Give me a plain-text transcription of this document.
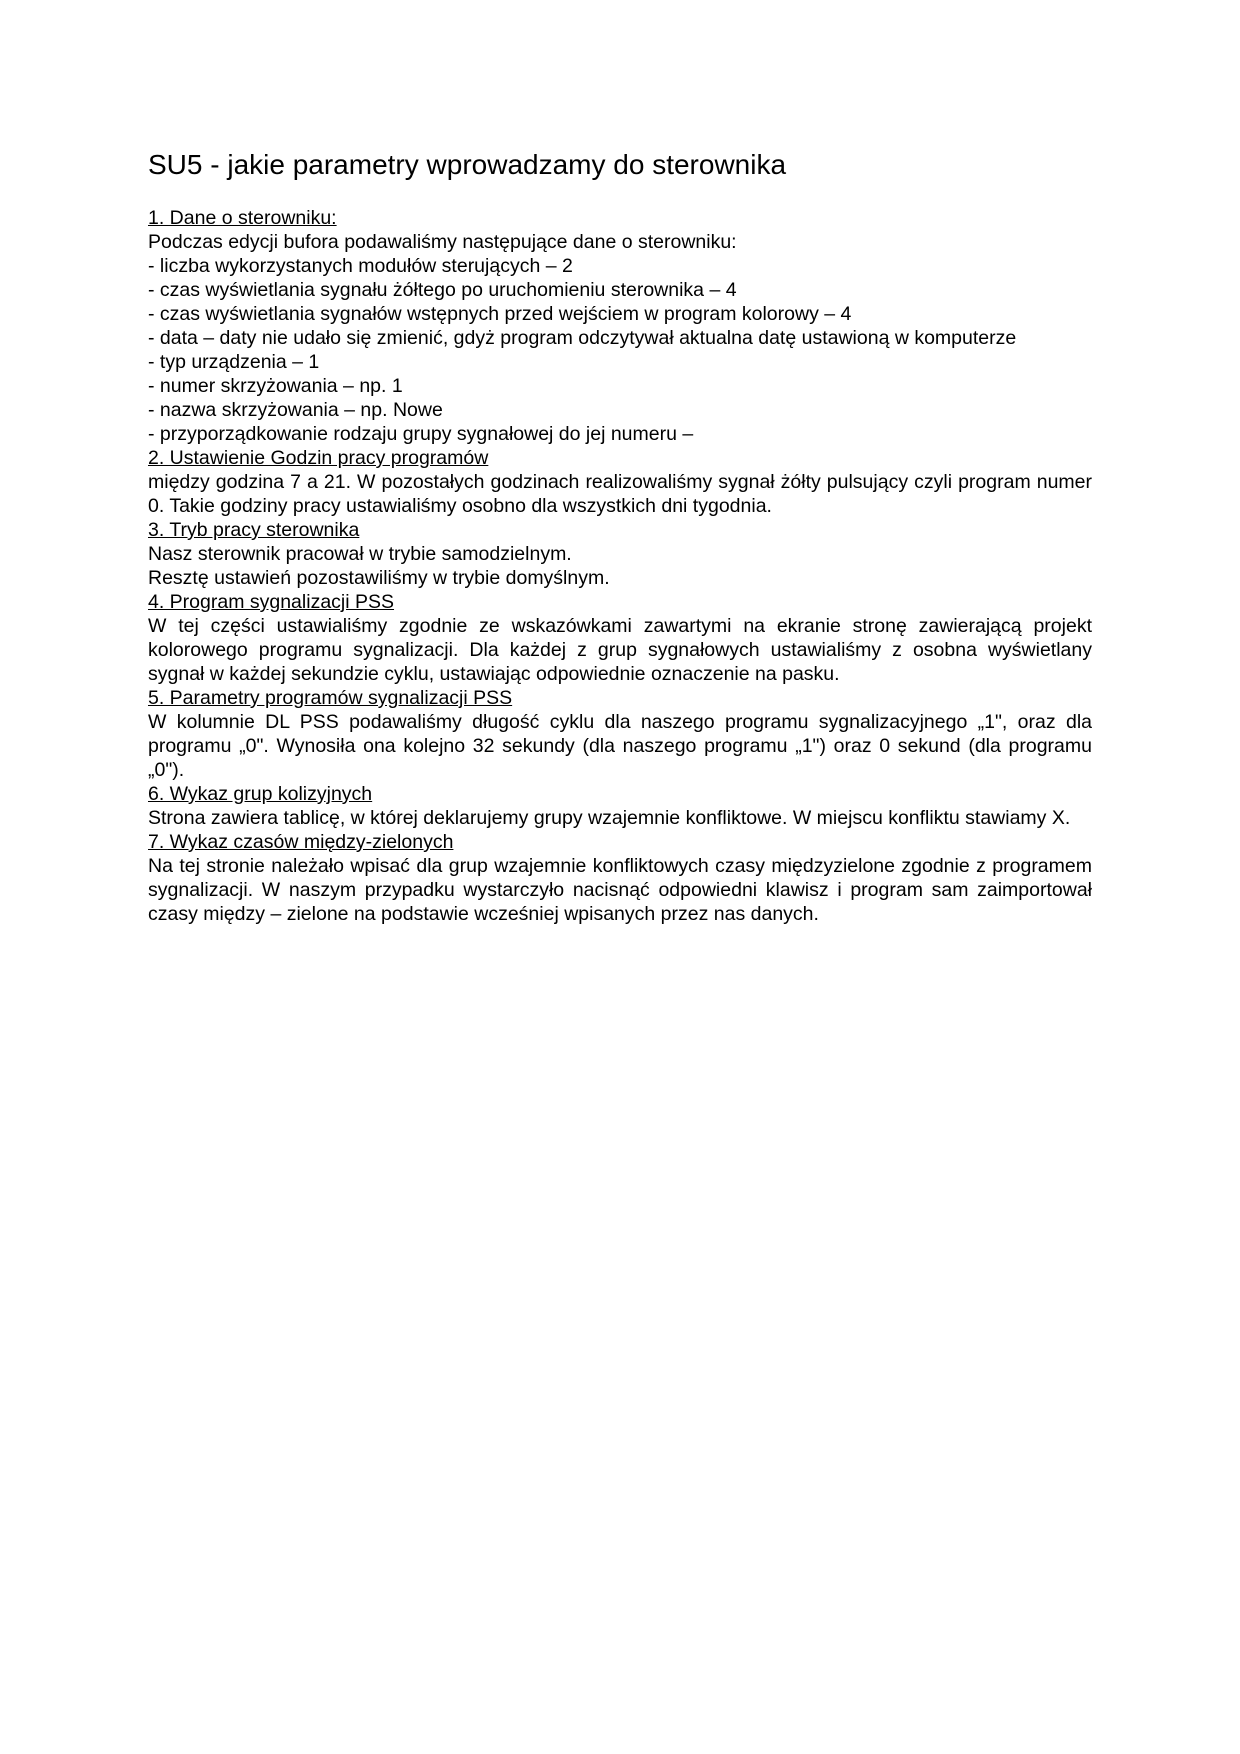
SU5 - jakie parametry wprowadzamy do sterownika
1. Dane o sterowniku:

Podczas edycji bufora podawaliśmy następujące dane o sterowniku:

- liczba wykorzystanych modułów sterujących – 2

- czas wyświetlania sygnału żółtego po uruchomieniu sterownika – 4

- czas wyświetlania sygnałów wstępnych przed wejściem w program kolorowy – 4

- data – daty nie udało się zmienić, gdyż program odczytywał aktualna datę ustawioną w komputerze

- typ urządzenia – 1

- numer skrzyżowania – np. 1

- nazwa skrzyżowania – np. Nowe

- przyporządkowanie rodzaju grupy sygnałowej do jej numeru –

2. Ustawienie Godzin pracy programów

między godzina 7 a 21. W pozostałych godzinach realizowaliśmy sygnał żółty pulsujący czyli program numer 0. Takie godziny pracy ustawialiśmy osobno dla wszystkich dni tygodnia.

3. Tryb pracy sterownika

Nasz sterownik pracował w trybie samodzielnym.

Resztę ustawień pozostawiliśmy w trybie domyślnym.

4. Program sygnalizacji PSS

W tej części ustawialiśmy zgodnie ze wskazówkami zawartymi na ekranie stronę zawierającą projekt kolorowego programu sygnalizacji. Dla każdej z grup sygnałowych ustawialiśmy z osobna wyświetlany sygnał w każdej sekundzie cyklu, ustawiając odpowiednie oznaczenie na pasku.

5. Parametry programów sygnalizacji PSS

W kolumnie DL PSS podawaliśmy długość cyklu dla naszego programu sygnalizacyjnego „1", oraz dla programu „0". Wynosiła ona kolejno 32 sekundy (dla naszego programu „1") oraz 0 sekund (dla programu „0").

6. Wykaz grup kolizyjnych

Strona zawiera tablicę, w której deklarujemy grupy wzajemnie konfliktowe. W miejscu konfliktu stawiamy X.

7. Wykaz czasów między-zielonych

Na tej stronie należało wpisać dla grup wzajemnie konfliktowych czasy międzyzielone zgodnie z programem sygnalizacji. W naszym przypadku wystarczyło nacisnąć odpowiedni klawisz i program sam zaimportował czasy między – zielone na podstawie wcześniej wpisanych przez nas danych.
